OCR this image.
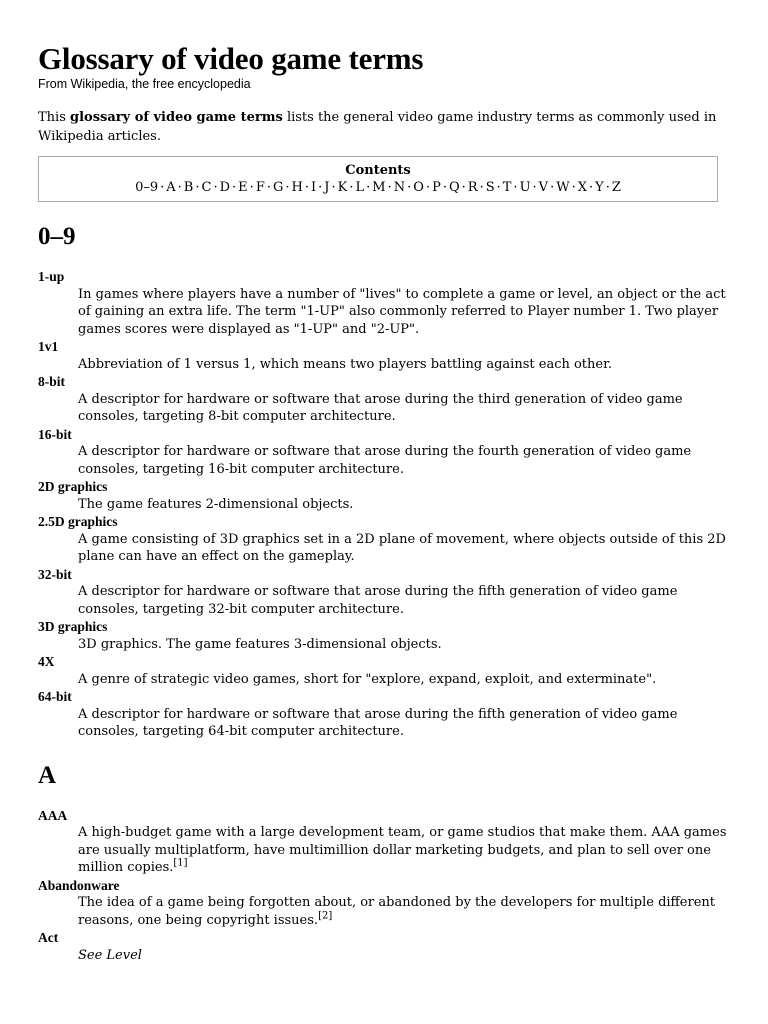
Glossary of video game terms
From Wikipedia, the free encyclopedia
This glossary of video game terms lists the general video game industry terms as commonly used in Wikipedia articles.
Contents
0–9 · A · B · C · D · E · F · G · H · I · J · K · L · M · N · O · P · Q · R · S · T · U · V · W · X · Y · Z
0–9
1-up
In games where players have a number of "lives" to complete a game or level, an object or the act of gaining an extra life. The term "1-UP" also commonly referred to Player number 1. Two player games scores were displayed as "1-UP" and "2-UP".
1v1
Abbreviation of 1 versus 1, which means two players battling against each other.
8-bit
A descriptor for hardware or software that arose during the third generation of video game consoles, targeting 8-bit computer architecture.
16-bit
A descriptor for hardware or software that arose during the fourth generation of video game consoles, targeting 16-bit computer architecture.
2D graphics
The game features 2-dimensional objects.
2.5D graphics
A game consisting of 3D graphics set in a 2D plane of movement, where objects outside of this 2D plane can have an effect on the gameplay.
32-bit
A descriptor for hardware or software that arose during the fifth generation of video game consoles, targeting 32-bit computer architecture.
3D graphics
3D graphics. The game features 3-dimensional objects.
4X
A genre of strategic video games, short for "explore, expand, exploit, and exterminate".
64-bit
A descriptor for hardware or software that arose during the fifth generation of video game consoles, targeting 64-bit computer architecture.
A
AAA
A high-budget game with a large development team, or game studios that make them. AAA games are usually multiplatform, have multimillion dollar marketing budgets, and plan to sell over one million copies.[1]
Abandonware
The idea of a game being forgotten about, or abandoned by the developers for multiple different reasons, one being copyright issues.[2]
Act
See Level
